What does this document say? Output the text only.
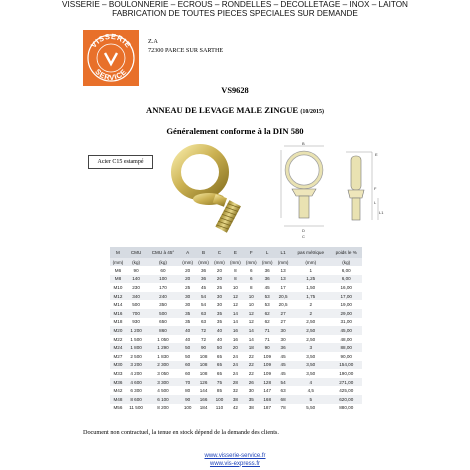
VISSERIE – BOULONNERIE – ECROUS – RONDELLES – DECOLLETAGE – INOX – LAITON
FABRICATION DE TOUTES PIECES SPECIALES SUR DEMANDE
VISSERIE
SERVICE
Z.A
72300 PARCE SUR SARTHE
VS9628
ANNEAU DE LEVAGE MALE ZINGUE (10/2015)
Généralement conforme à la DIN 580
Acier C15 estampé
B
D
C
E
F
L
L1
M	CMU	CMU à 45°	A	B	C	E	F	L	L1	pas métrique	poids le %
(mm)	(kg)	(kg)	(mm)	(mm)	(mm)	(mm)	(mm)	(mm)	(mm)	(mm)	(kg)
M6	90	60	20	36	20	8	6	36	13	1	6,00
M8	140	100	20	36	20	8	6	36	13	1,25	6,00
M10	230	170	25	45	25	10	8	45	17	1,50	16,00
M12	340	240	30	54	30	12	10	53	20,5	1,75	17,00
M14	500	350	30	54	30	12	10	53	20,5	2	19,00
M16	700	500	35	63	35	14	12	62	27	2	29,00
M18	930	650	35	63	35	14	12	62	27	2,50	31,00
M20	1 200	860	40	72	40	16	14	71	30	2,50	45,00
M22	1 500	1 050	40	72	40	16	14	71	30	2,50	48,00
M24	1 800	1 290	50	90	50	20	18	90	36	3	88,00
M27	2 500	1 830	50	108	65	24	22	109	45	3,50	90,00
M30	3 200	2 300	60	108	65	24	22	109	45	3,50	154,00
M33	4 200	3 050	60	108	65	24	22	109	45	3,50	190,00
M36	4 600	3 300	70	126	75	28	26	128	54	4	271,00
M42	6 300	4 500	80	144	85	32	30	147	63	4,5	425,00
M48	8 600	6 100	90	166	100	38	35	168	68	5	620,00
M56	11 500	8 200	100	184	110	42	38	187	78	5,50	880,00
Document non contractuel, la tenue en stock dépend de la demande des clients.
www.visserie-service.fr
www.vis-express.fr
